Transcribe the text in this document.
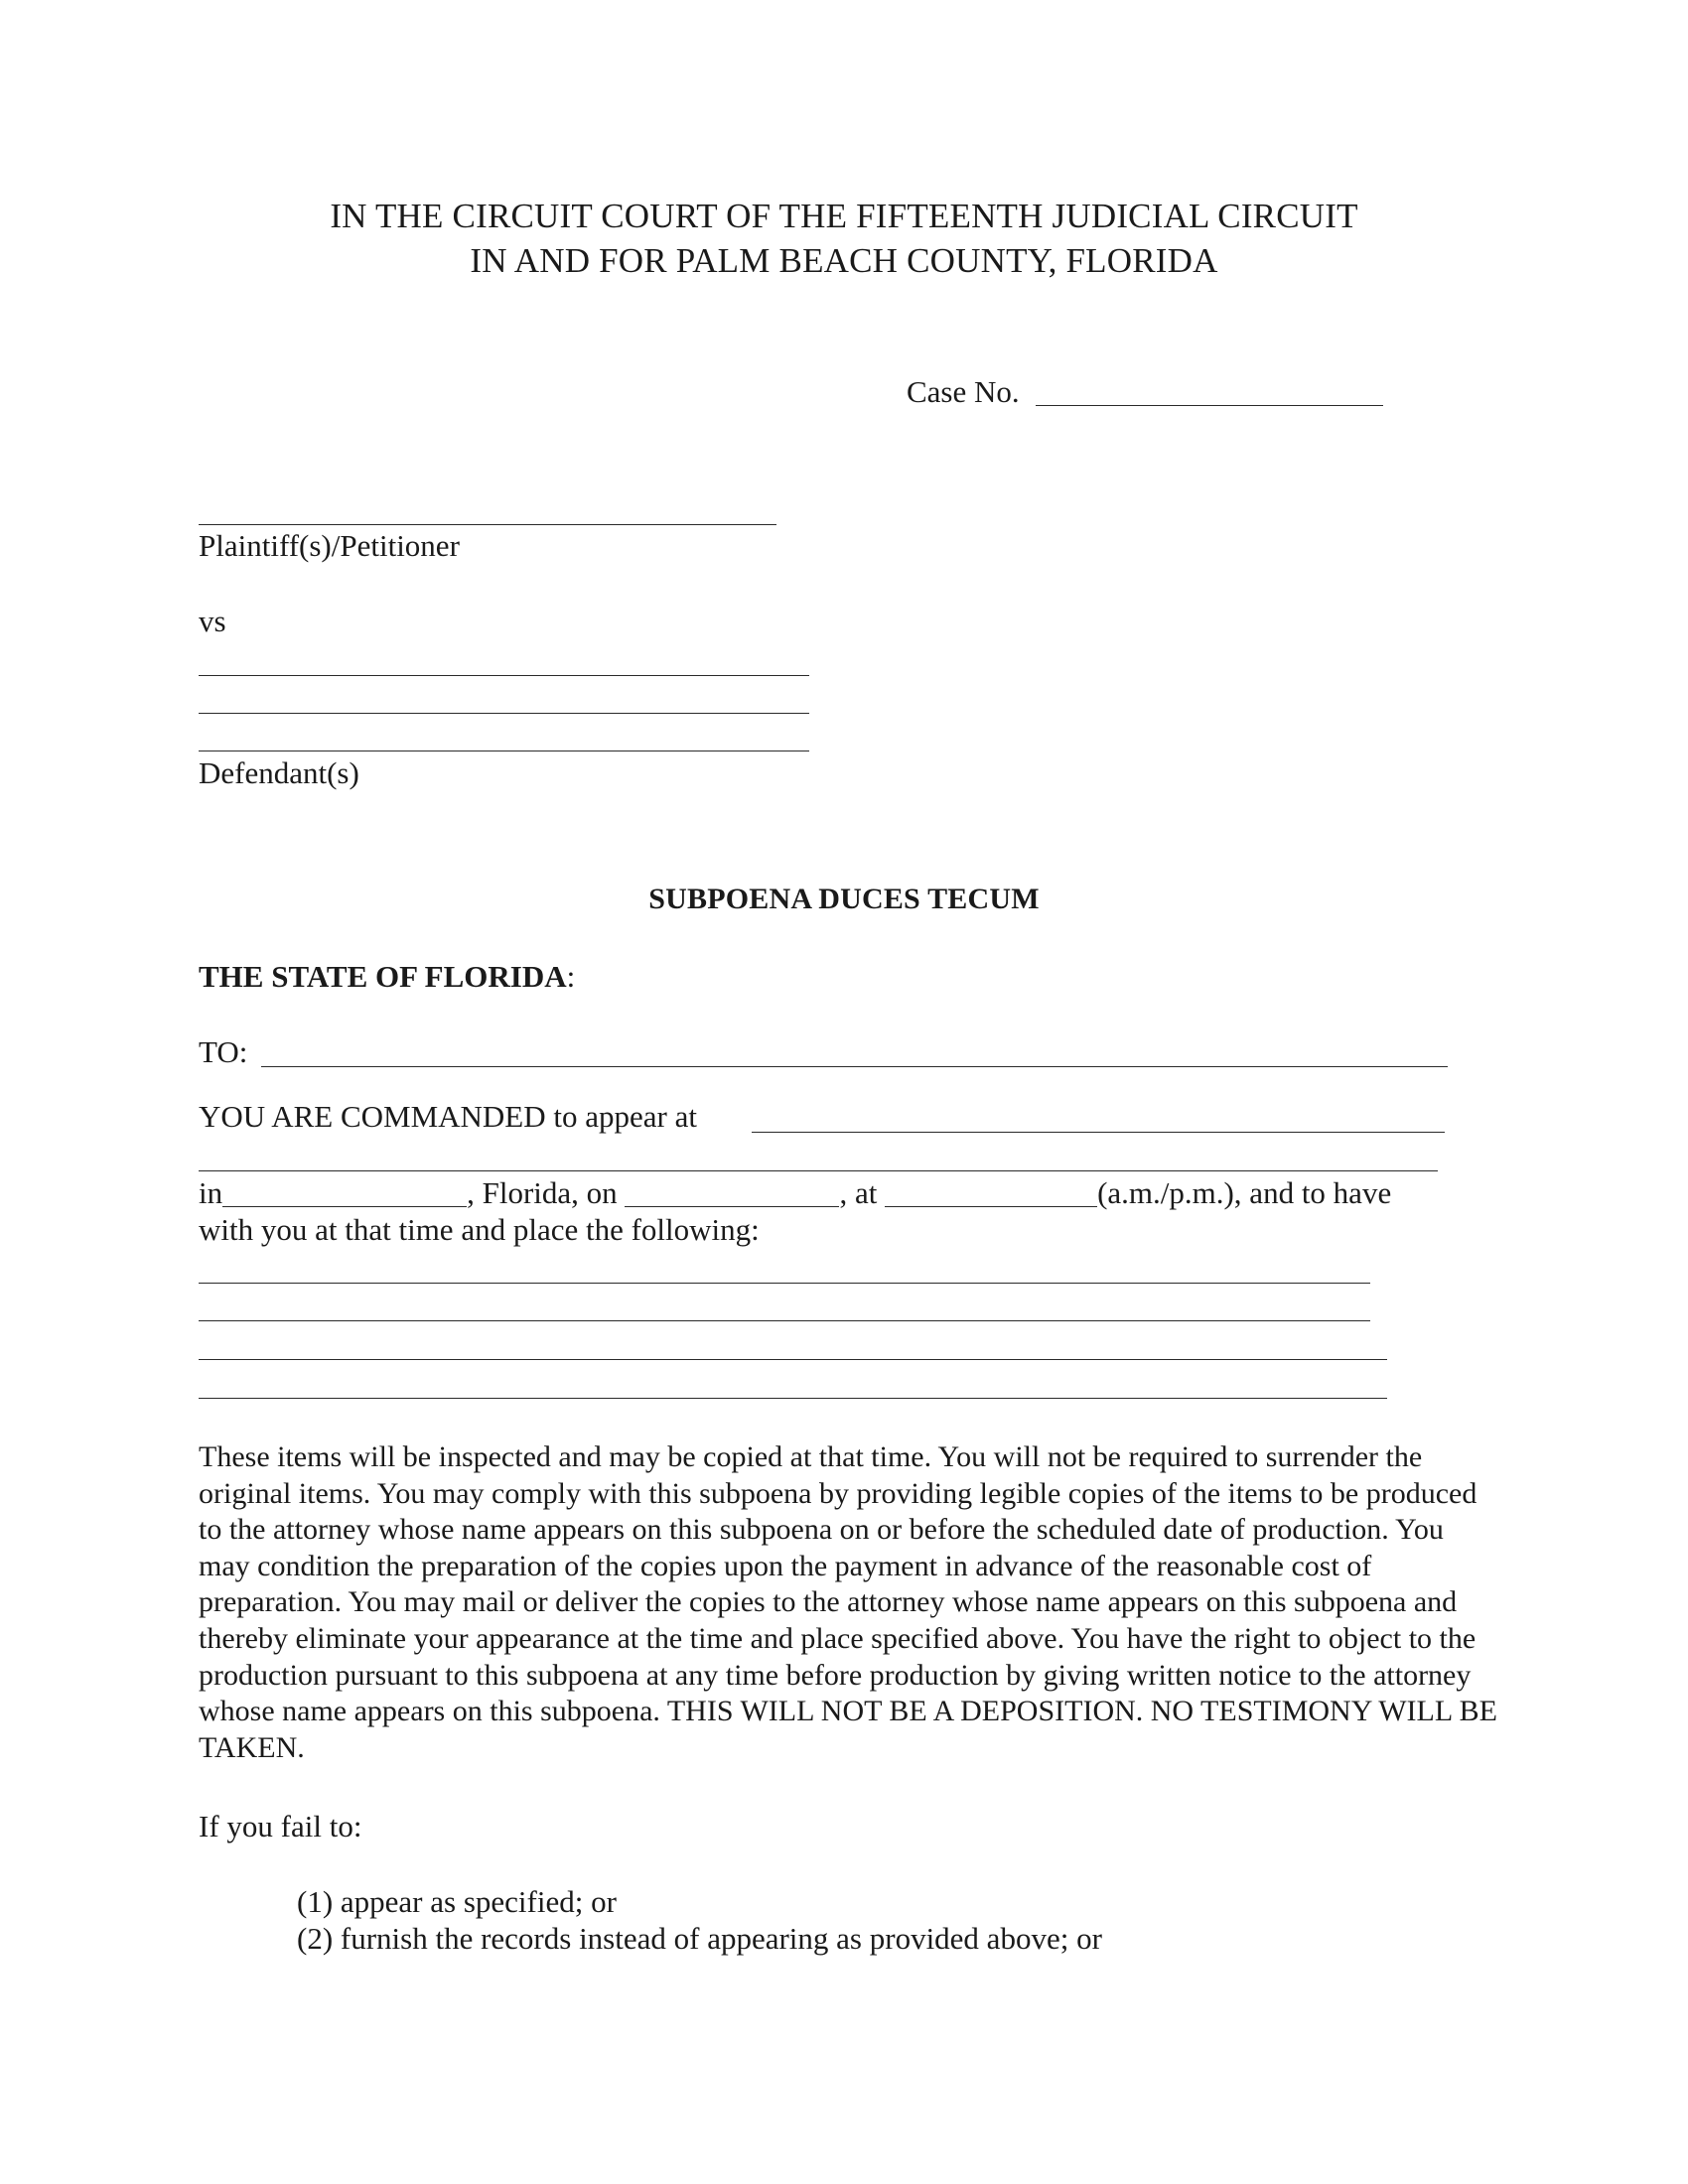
IN THE CIRCUIT COURT OF THE FIFTEENTH JUDICIAL CIRCUIT
IN AND FOR PALM BEACH COUNTY, FLORIDA
Case No.
Plaintiff(s)/Petitioner
vs
Defendant(s)
SUBPOENA DUCES TECUM
THE STATE OF FLORIDA:
TO:
YOU ARE COMMANDED to appear at
in	, Florida, on	, at	(a.m./p.m.), and to have
with you at that time and place the following:
These items will be inspected and may be copied at that time. You will not be required to surrender the original items. You may comply with this subpoena by providing legible copies of the items to be produced to the attorney whose name appears on this subpoena on or before the scheduled date of production. You may condition the preparation of the copies upon the payment in advance of the reasonable cost of preparation. You may mail or deliver the copies to the attorney whose name appears on this subpoena and thereby eliminate your appearance at the time and place specified above. You have the right to object to the production pursuant to this subpoena at any time before production by giving written notice to the attorney whose name appears on this subpoena. THIS WILL NOT BE A DEPOSITION. NO TESTIMONY WILL BE TAKEN.
If you fail to:
(1) appear as specified; or
(2) furnish the records instead of appearing as provided above; or
